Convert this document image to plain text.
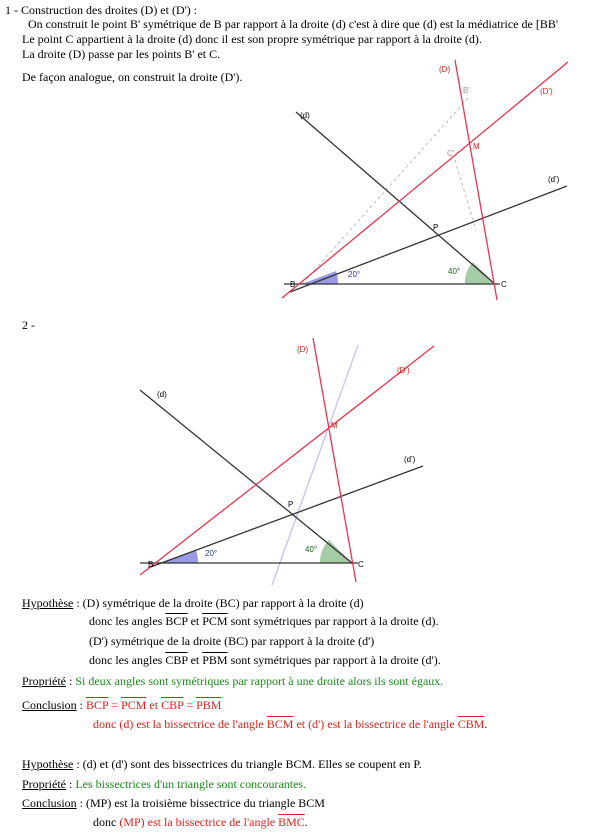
1 - Construction des droites (D) et (D') :
On construit le point B' symétrique de B par rapport à la droite (d) c'est à dire que (d) est la médiatrice de [BB'
Le point C appartient à la droite (d) donc il est son propre symétrique par rapport à la droite (d).
La droite (D) passe par les points B' et C.
De façon analogue, on construit la droite (D').
(D)
(D')
(d)
(d')
B'
C'
M
P
B	C
20°	40°
2 -
(D)
(D')
(d)
(d')
M
P
B	C
20°	40°
Hypothèse : (D) symétrique de la droite (BC) par rapport à la droite (d)
donc les angles $\overline{BCP}$ et $\overline{PCM}$ sont symétriques par rapport à la droite (d).
(D') symétrique de la droite (BC) par rapport à la droite (d')
donc les angles $\overline{CBP}$ et $\overline{PBM}$ sont symétriques par rapport à la droite (d').
Propriété : Si deux angles sont symétriques par rapport à une droite alors ils sont égaux.
Conclusion : $\overline{BCP} = \overline{PCM}$ et $\overline{CBP} = \overline{PBM}$
donc (d) est la bissectrice de l'angle $\overline{BCM}$ et (d') est la bissectrice de l'angle $\overline{CBM}$.
Hypothèse : (d) et (d') sont des bissectrices du triangle BCM. Elles se coupent en P.
Propriété : Les bissectrices d'un triangle sont concourantes.
Conclusion : (MP) est la troisième bissectrice du triangle BCM
donc (MP) est la bissectrice de l'angle $\overline{BMC}$.
